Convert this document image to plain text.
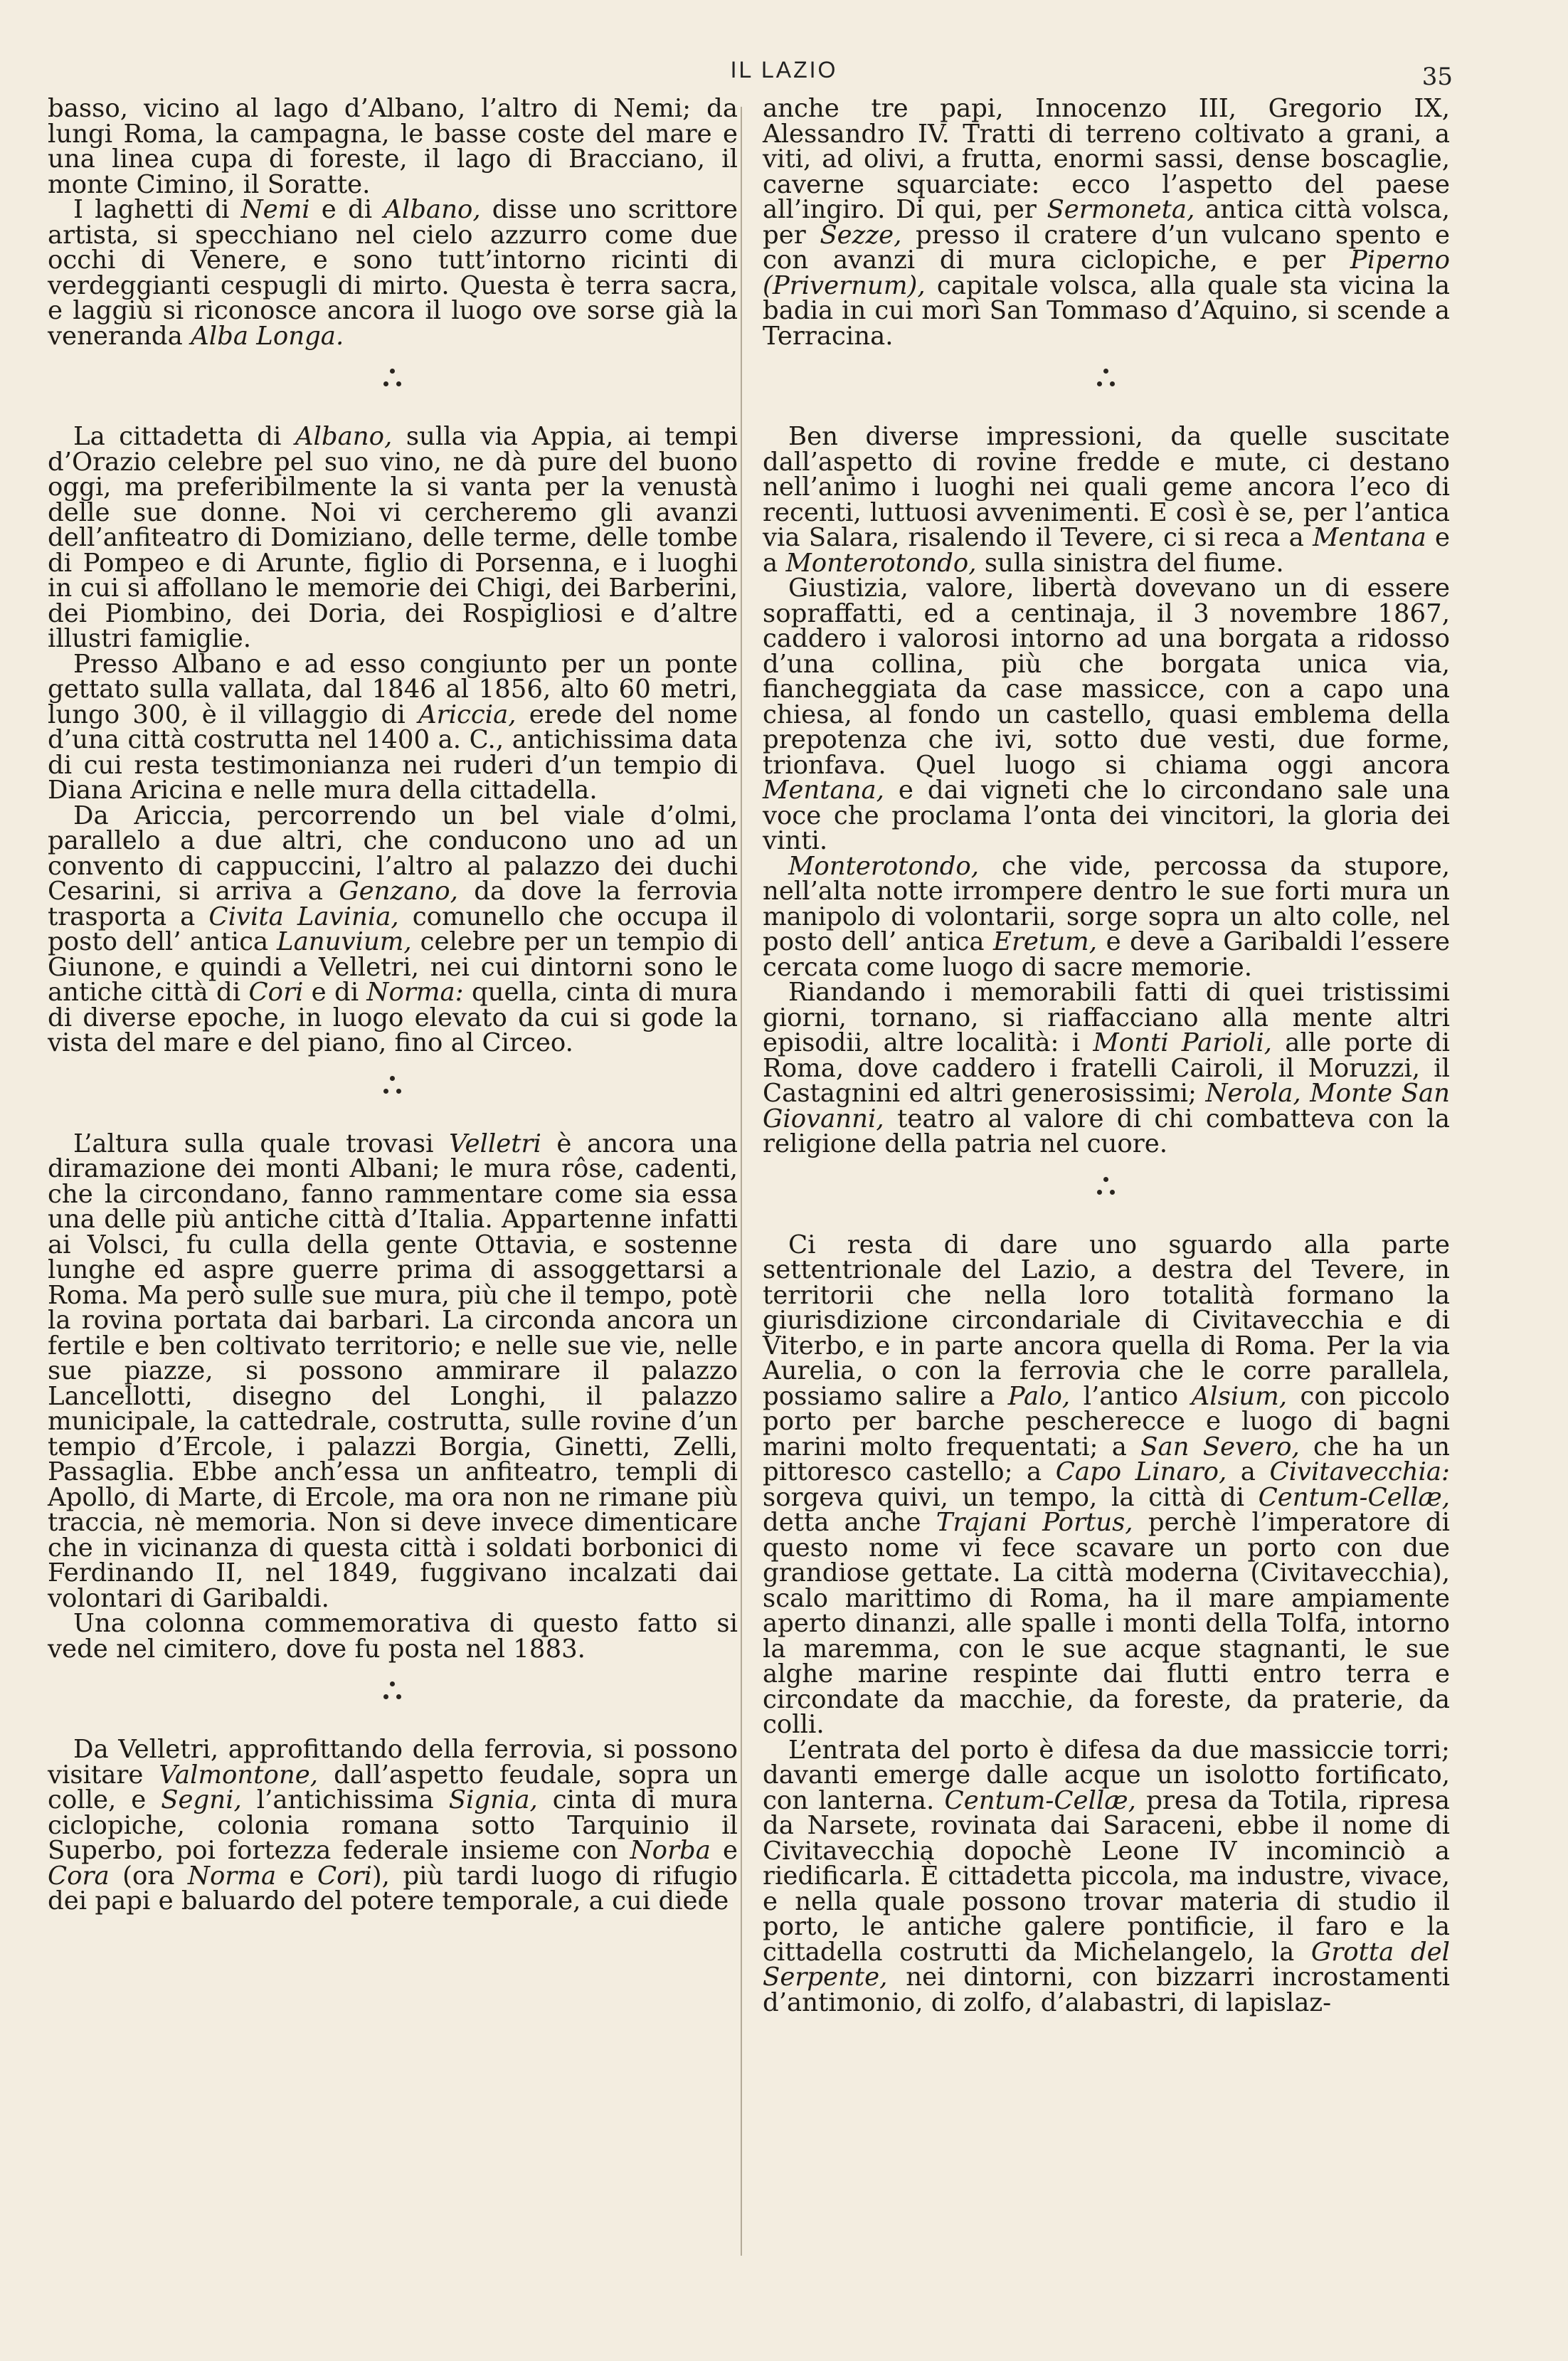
IL LAZIO	35

basso, vicino al lago d’Albano, l’altro di Nemi; da lungi Roma, la campagna, le basse coste del mare e una linea cupa di foreste, il lago di Bracciano, il monte Cimino, il Soratte.

I laghetti di Nemi e di Albano, disse uno scrittore artista, si specchiano nel cielo azzurro come due occhi di Venere, e sono tutt’intorno ricinti di verdeggianti cespugli di mirto. Questa è terra sacra, e laggiù si riconosce ancora il luogo ove sorse già la veneranda Alba Longa.

La cittadetta di Albano, sulla via Appia, ai tempi d’Orazio celebre pel suo vino, ne dà pure del buono oggi, ma preferibilmente la si vanta per la venustà delle sue donne. Noi vi cercheremo gli avanzi dell’anfiteatro di Domiziano, delle terme, delle tombe di Pompeo e di Arunte, figlio di Porsenna, e i luoghi in cui si affollano le memorie dei Chigi, dei Barberini, dei Piombino, dei Doria, dei Rospigliosi e d’altre illustri famiglie.

Presso Albano e ad esso congiunto per un ponte gettato sulla vallata, dal 1846 al 1856, alto 60 metri, lungo 300, è il villaggio di Ariccia, erede del nome d’una città costrutta nel 1400 a. C., antichissima data di cui resta testimonianza nei ruderi d’un tempio di Diana Aricina e nelle mura della cittadella.

Da Ariccia, percorrendo un bel viale d’olmi, parallelo a due altri, che conducono uno ad un convento di cappuccini, l’altro al palazzo dei duchi Cesarini, si arriva a Genzano, da dove la ferrovia trasporta a Civita Lavinia, comunello che occupa il posto dell’ antica Lanuvium, celebre per un tempio di Giunone, e quindi a Velletri, nei cui dintorni sono le antiche città di Cori e di Norma: quella, cinta di mura di diverse epoche, in luogo elevato da cui si gode la vista del mare e del piano, fino al Circeo.

L’altura sulla quale trovasi Velletri è ancora una diramazione dei monti Albani; le mura rôse, cadenti, che la circondano, fanno rammentare come sia essa una delle più antiche città d’Italia. Appartenne infatti ai Volsci, fu culla della gente Ottavia, e sostenne lunghe ed aspre guerre prima di assoggettarsi a Roma. Ma però sulle sue mura, più che il tempo, potè la rovina portata dai barbari. La circonda ancora un fertile e ben coltivato territorio; e nelle sue vie, nelle sue piazze, si possono ammirare il palazzo Lancellotti, disegno del Longhi, il palazzo municipale, la cattedrale, costrutta, sulle rovine d’un tempio d’Ercole, i palazzi Borgia, Ginetti, Zelli, Passaglia. Ebbe anch’essa un anfiteatro, templi di Apollo, di Marte, di Ercole, ma ora non ne rimane più traccia, nè memoria. Non si deve invece dimenticare che in vicinanza di questa città i soldati borbonici di Ferdinando II, nel 1849, fuggivano incalzati dai volontari di Garibaldi.

Una colonna commemorativa di questo fatto si vede nel cimitero, dove fu posta nel 1883.

Da Velletri, approfittando della ferrovia, si possono visitare Valmontone, dall’aspetto feudale, sopra un colle, e Segni, l’antichissima Signia, cinta di mura ciclopiche, colonia romana sotto Tarquinio il Superbo, poi fortezza federale insieme con Norba e Cora (ora Norma e Cori), più tardi luogo di rifugio dei papi e baluardo del potere temporale, a cui diede

anche tre papi, Innocenzo III, Gregorio IX, Alessandro IV. Tratti di terreno coltivato a grani, a viti, ad olivi, a frutta, enormi sassi, dense boscaglie, caverne squarciate: ecco l’aspetto del paese all’ingiro. Di qui, per Sermoneta, antica città volsca, per Sezze, presso il cratere d’un vulcano spento e con avanzi di mura ciclopiche, e per Piperno (Privernum), capitale volsca, alla quale sta vicina la badia in cui morì San Tommaso d’Aquino, si scende a Terracina.

Ben diverse impressioni, da quelle suscitate dall’aspetto di rovine fredde e mute, ci destano nell’animo i luoghi nei quali geme ancora l’eco di recenti, luttuosi avvenimenti. E così è se, per l’antica via Salara, risalendo il Tevere, ci si reca a Mentana e a Monterotondo, sulla sinistra del fiume.

Giustizia, valore, libertà dovevano un di essere sopraffatti, ed a centinaja, il 3 novembre 1867, caddero i valorosi intorno ad una borgata a ridosso d’una collina, più che borgata unica via, fiancheggiata da case massicce, con a capo una chiesa, al fondo un castello, quasi emblema della prepotenza che ivi, sotto due vesti, due forme, trionfava. Quel luogo si chiama oggi ancora Mentana, e dai vigneti che lo circondano sale una voce che proclama l’onta dei vincitori, la gloria dei vinti.

Monterotondo, che vide, percossa da stupore, nell’alta notte irrompere dentro le sue forti mura un manipolo di volontarii, sorge sopra un alto colle, nel posto dell’ antica Eretum, e deve a Garibaldi l’essere cercata come luogo di sacre memorie.

Riandando i memorabili fatti di quei tristissimi giorni, tornano, si riaffacciano alla mente altri episodii, altre località: i Monti Parioli, alle porte di Roma, dove caddero i fratelli Cairoli, il Moruzzi, il Castagnini ed altri generosissimi; Nerola, Monte San Giovanni, teatro al valore di chi combatteva con la religione della patria nel cuore.

Ci resta di dare uno sguardo alla parte settentrionale del Lazio, a destra del Tevere, in territorii che nella loro totalità formano la giurisdizione circondariale di Civitavecchia e di Viterbo, e in parte ancora quella di Roma. Per la via Aurelia, o con la ferrovia che le corre parallela, possiamo salire a Palo, l’antico Alsium, con piccolo porto per barche pescherecce e luogo di bagni marini molto frequentati; a San Severo, che ha un pittoresco castello; a Capo Linaro, a Civitavecchia: sorgeva quivi, un tempo, la città di Centum-Cellæ, detta anche Trajani Portus, perchè l’imperatore di questo nome vi fece scavare un porto con due grandiose gettate. La città moderna (Civitavecchia), scalo marittimo di Roma, ha il mare ampiamente aperto dinanzi, alle spalle i monti della Tolfa, intorno la maremma, con le sue acque stagnanti, le sue alghe marine respinte dai flutti entro terra e circondate da macchie, da foreste, da praterie, da colli.

L’entrata del porto è difesa da due massiccie torri; davanti emerge dalle acque un isolotto fortificato, con lanterna. Centum-Cellæ, presa da Totila, ripresa da Narsete, rovinata dai Saraceni, ebbe il nome di Civitavecchia dopochè Leone IV incominciò a riedificarla. È cittadetta piccola, ma industre, vivace, e nella quale possono trovar materia di studio il porto, le antiche galere pontificie, il faro e la cittadella costrutti da Michelangelo, la Grotta del Serpente, nei dintorni, con bizzarri incrostamenti d’antimonio, di zolfo, d’alabastri, di lapislaz-
